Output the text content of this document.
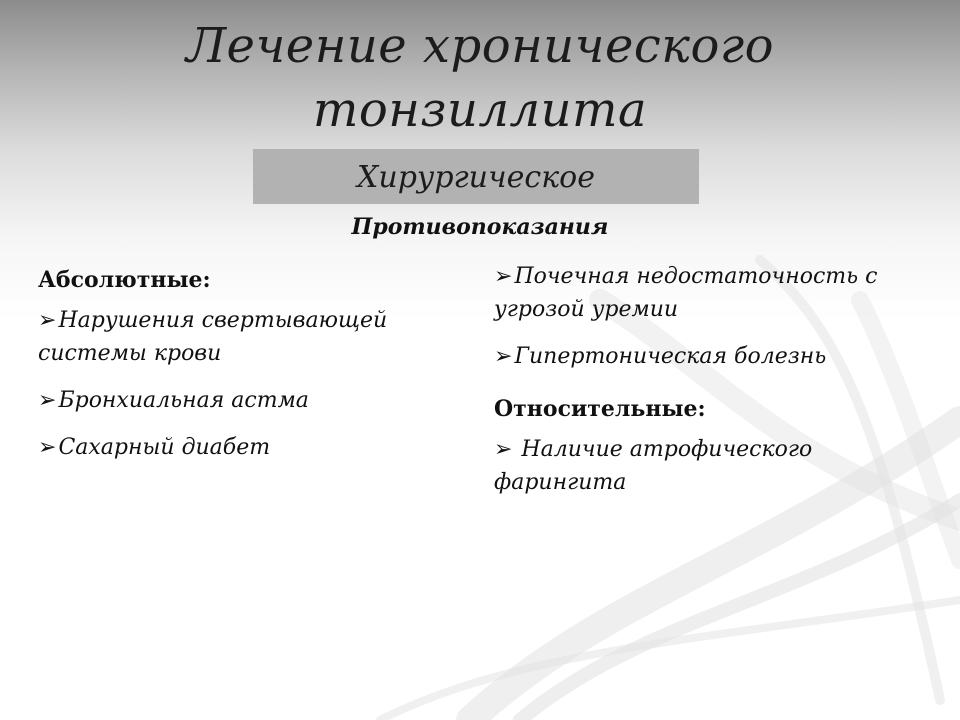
Лечение хронического
тонзиллита
Хирургическое
Противопоказания
Абсолютные:
➢Нарушения свертывающей системы крови
➢Бронхиальная астма
➢Сахарный диабет
➢Почечная недостаточность с угрозой уремии
➢Гипертоническая болезнь
Относительные:
➢ Наличие атрофического фарингита
